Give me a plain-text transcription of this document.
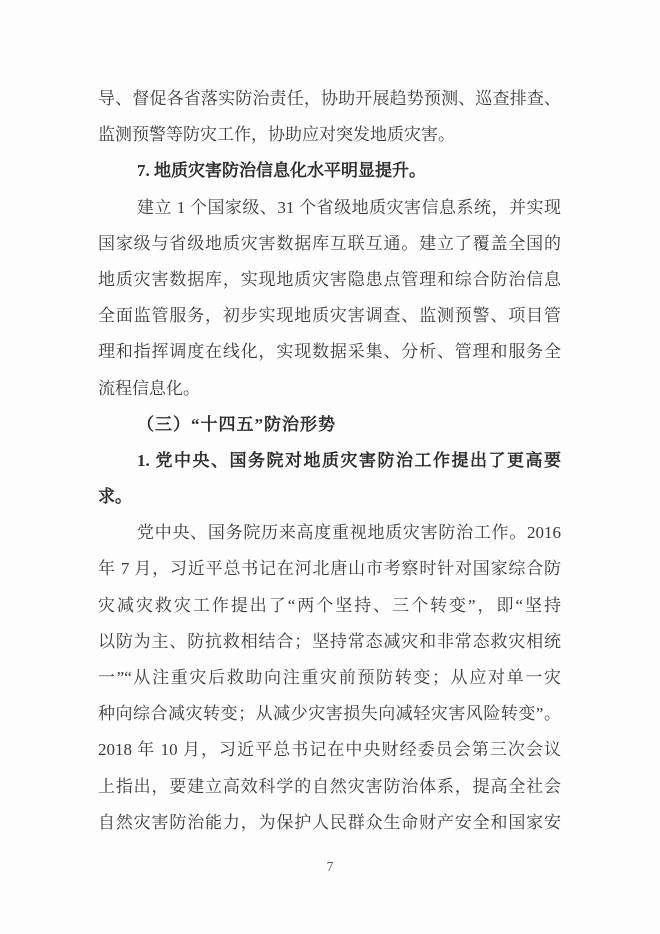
导、督促各省落实防治责任，协助开展趋势预测、巡查排查、
监测预警等防灾工作，协助应对突发地质灾害。
7. 地质灾害防治信息化水平明显提升。
建立 1 个国家级、31 个省级地质灾害信息系统，并实现
国家级与省级地质灾害数据库互联互通。建立了覆盖全国的
地质灾害数据库，实现地质灾害隐患点管理和综合防治信息
全面监管服务，初步实现地质灾害调查、监测预警、项目管
理和指挥调度在线化，实现数据采集、分析、管理和服务全
流程信息化。
（三）“十四五”防治形势
1. 党中央、国务院对地质灾害防治工作提出了更高要
求。
党中央、国务院历来高度重视地质灾害防治工作。2016
年 7 月，习近平总书记在河北唐山市考察时针对国家综合防
灾减灾救灾工作提出了“两个坚持、三个转变”，即“坚持
以防为主、防抗救相结合；坚持常态减灾和非常态救灾相统
一”“从注重灾后救助向注重灾前预防转变；从应对单一灾
种向综合减灾转变；从减少灾害损失向减轻灾害风险转变”。
2018 年 10 月，习近平总书记在中央财经委员会第三次会议
上指出，要建立高效科学的自然灾害防治体系，提高全社会
自然灾害防治能力，为保护人民群众生命财产安全和国家安
7
